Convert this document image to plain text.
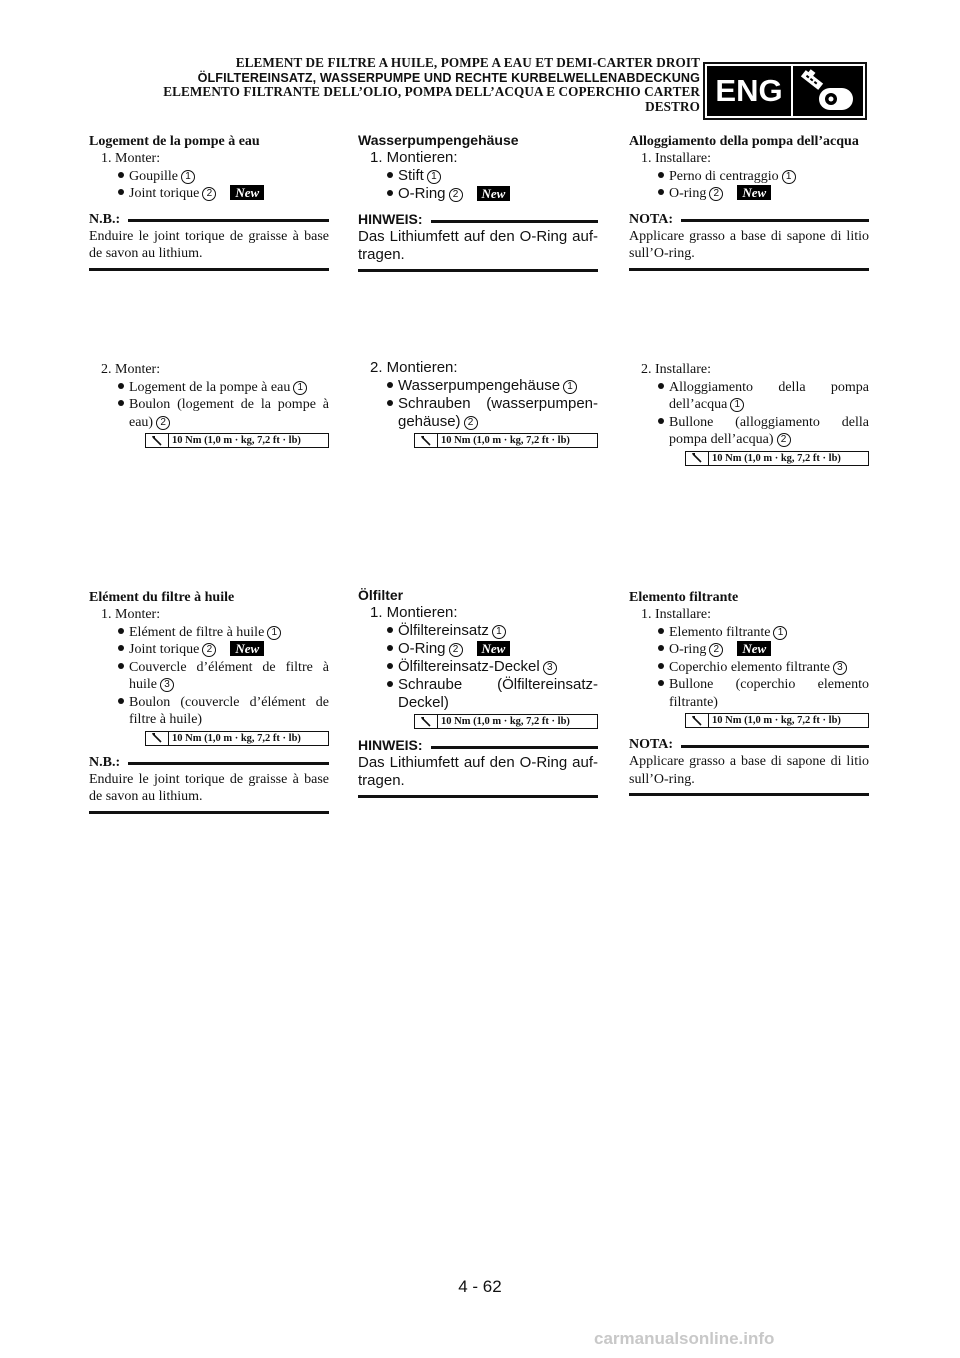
ELEMENT DE FILTRE A HUILE, POMPE A EAU ET DEMI-CARTER DROIT
ÖLFILTEREINSATZ, WASSERPUMPE UND RECHTE KURBELWELLENABDECKUNG
ELEMENTO FILTRANTE DELL’OLIO, POMPA DELL’ACQUA E COPERCHIO CARTER
DESTRO ENG
Logement de la pompe à eau
1. Monter:
Goupille 1
Joint torique 2 New
N.B.:
Enduire le joint torique de graisse à base de savon au lithium.
Wasserpumpengehäuse
1. Montieren:
Stift 1
O-Ring 2 New
HINWEIS:
Das Lithiumfett auf den O-Ring auf-tragen.
Alloggiamento della pompa dell’acqua
1. Installare:
Perno di centraggio 1
O-ring 2 New
NOTA:
Applicare grasso a base di sapone di litio sull’O-ring.
2. Monter:
Logement de la pompe à eau 1
Boulon (logement de la pompe à eau) 2
10 Nm (1,0 m · kg, 7,2 ft · lb)
2. Montieren:
Wasserpumpengehäuse 1
Schrauben (wasserpumpen-gehäuse) 2
10 Nm (1,0 m · kg, 7,2 ft · lb)
2. Installare:
Alloggiamento della pompa dell’acqua 1
Bullone (alloggiamento della pompa dell’acqua) 2
10 Nm (1,0 m · kg, 7,2 ft · lb)
Elément du filtre à huile
1. Monter:
Elément de filtre à huile 1
Joint torique 2 New
Couvercle d’élément de filtre à huile 3
Boulon (couvercle d’élément de filtre à huile)
10 Nm (1,0 m · kg, 7,2 ft · lb)
N.B.:
Enduire le joint torique de graisse à base de savon au lithium.
Ölfilter
1. Montieren:
Ölfiltereinsatz 1
O-Ring 2 New
Ölfiltereinsatz-Deckel 3
Schraube (Ölfiltereinsatz-Deckel)
10 Nm (1,0 m · kg, 7,2 ft · lb)
HINWEIS:
Das Lithiumfett auf den O-Ring auf-tragen.
Elemento filtrante
1. Installare:
Elemento filtrante 1
O-ring 2 New
Coperchio elemento filtrante 3
Bullone (coperchio elemento filtrante)
10 Nm (1,0 m · kg, 7,2 ft · lb)
NOTA:
Applicare grasso a base di sapone di litio sull’O-ring.
4 - 62
carmanualsonline.info
